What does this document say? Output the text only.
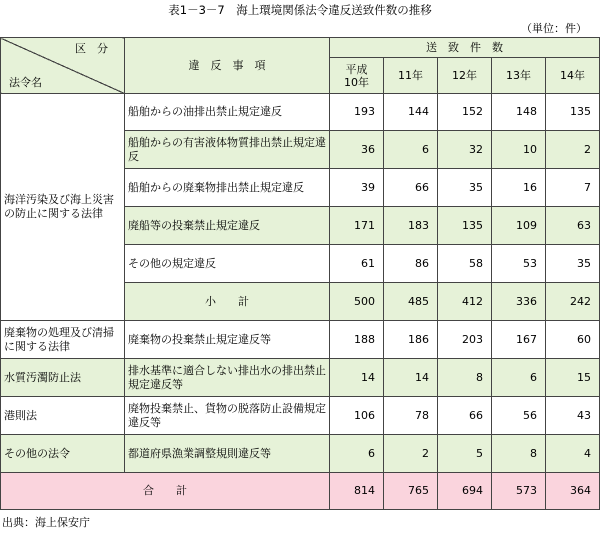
表1－3－7　海上環境関係法令違反送致件数の推移
（単位：件）
区　分
法令名	違　反　事　項	送　致　件　数				
		平成
10年	11年	12年	13年	14年
海洋汚染及び海上災害の防止に関する法律	船舶からの油排出禁止規定違反	193	144	152	148	135
	船舶からの有害液体物質排出禁止規定違反	36	6	32	10	2
	船舶からの廃棄物排出禁止規定違反	39	66	35	16	7
	廃船等の投棄禁止規定違反	171	183	135	109	63
	その他の規定違反	61	86	58	53	35
	小　　計	500	485	412	336	242
廃棄物の処理及び清掃に関する法律	廃棄物の投棄禁止規定違反等	188	186	203	167	60
水質汚濁防止法	排水基準に適合しない排出水の排出禁止規定違反等	14	14	8	6	15
港則法	廃物投棄禁止、貨物の脱落防止設備規定違反等	106	78	66	56	43
その他の法令	都道府県漁業調整規則違反等	6	2	5	8	4
合　　計		814	765	694	573	364
出典：海上保安庁
